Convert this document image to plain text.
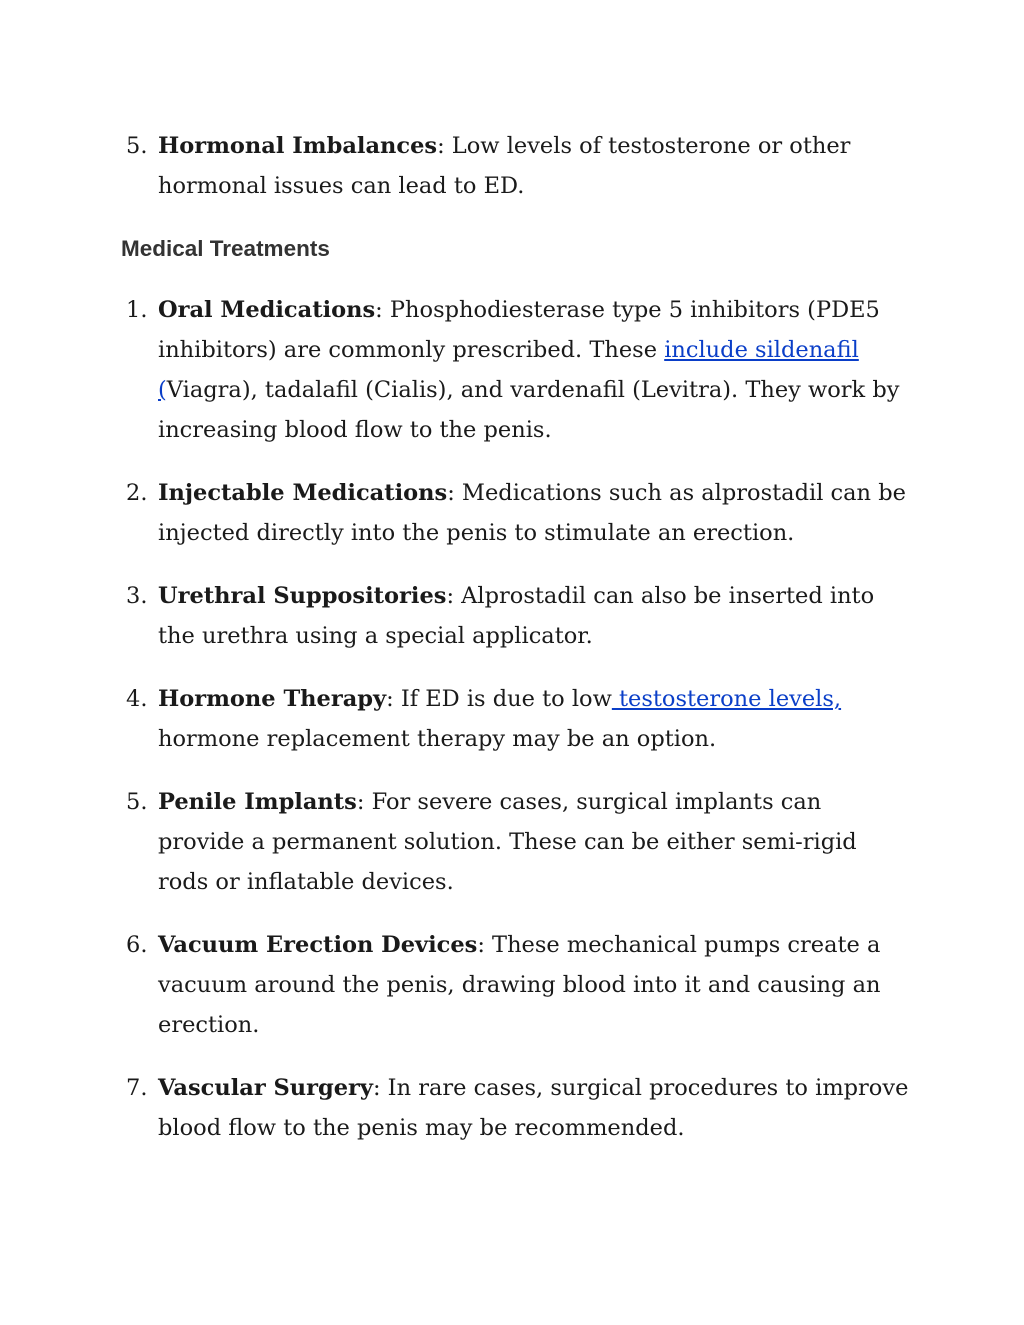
5. Hormonal Imbalances: Low levels of testosterone or other hormonal issues can lead to ED.
Medical Treatments
1. Oral Medications: Phosphodiesterase type 5 inhibitors (PDE5 inhibitors) are commonly prescribed. These include sildenafil (Viagra), tadalafil (Cialis), and vardenafil (Levitra). They work by increasing blood flow to the penis.
2. Injectable Medications: Medications such as alprostadil can be injected directly into the penis to stimulate an erection.
3. Urethral Suppositories: Alprostadil can also be inserted into the urethra using a special applicator.
4. Hormone Therapy: If ED is due to low testosterone levels, hormone replacement therapy may be an option.
5. Penile Implants: For severe cases, surgical implants can provide a permanent solution. These can be either semi-rigid rods or inflatable devices.
6. Vacuum Erection Devices: These mechanical pumps create a vacuum around the penis, drawing blood into it and causing an erection.
7. Vascular Surgery: In rare cases, surgical procedures to improve blood flow to the penis may be recommended.
